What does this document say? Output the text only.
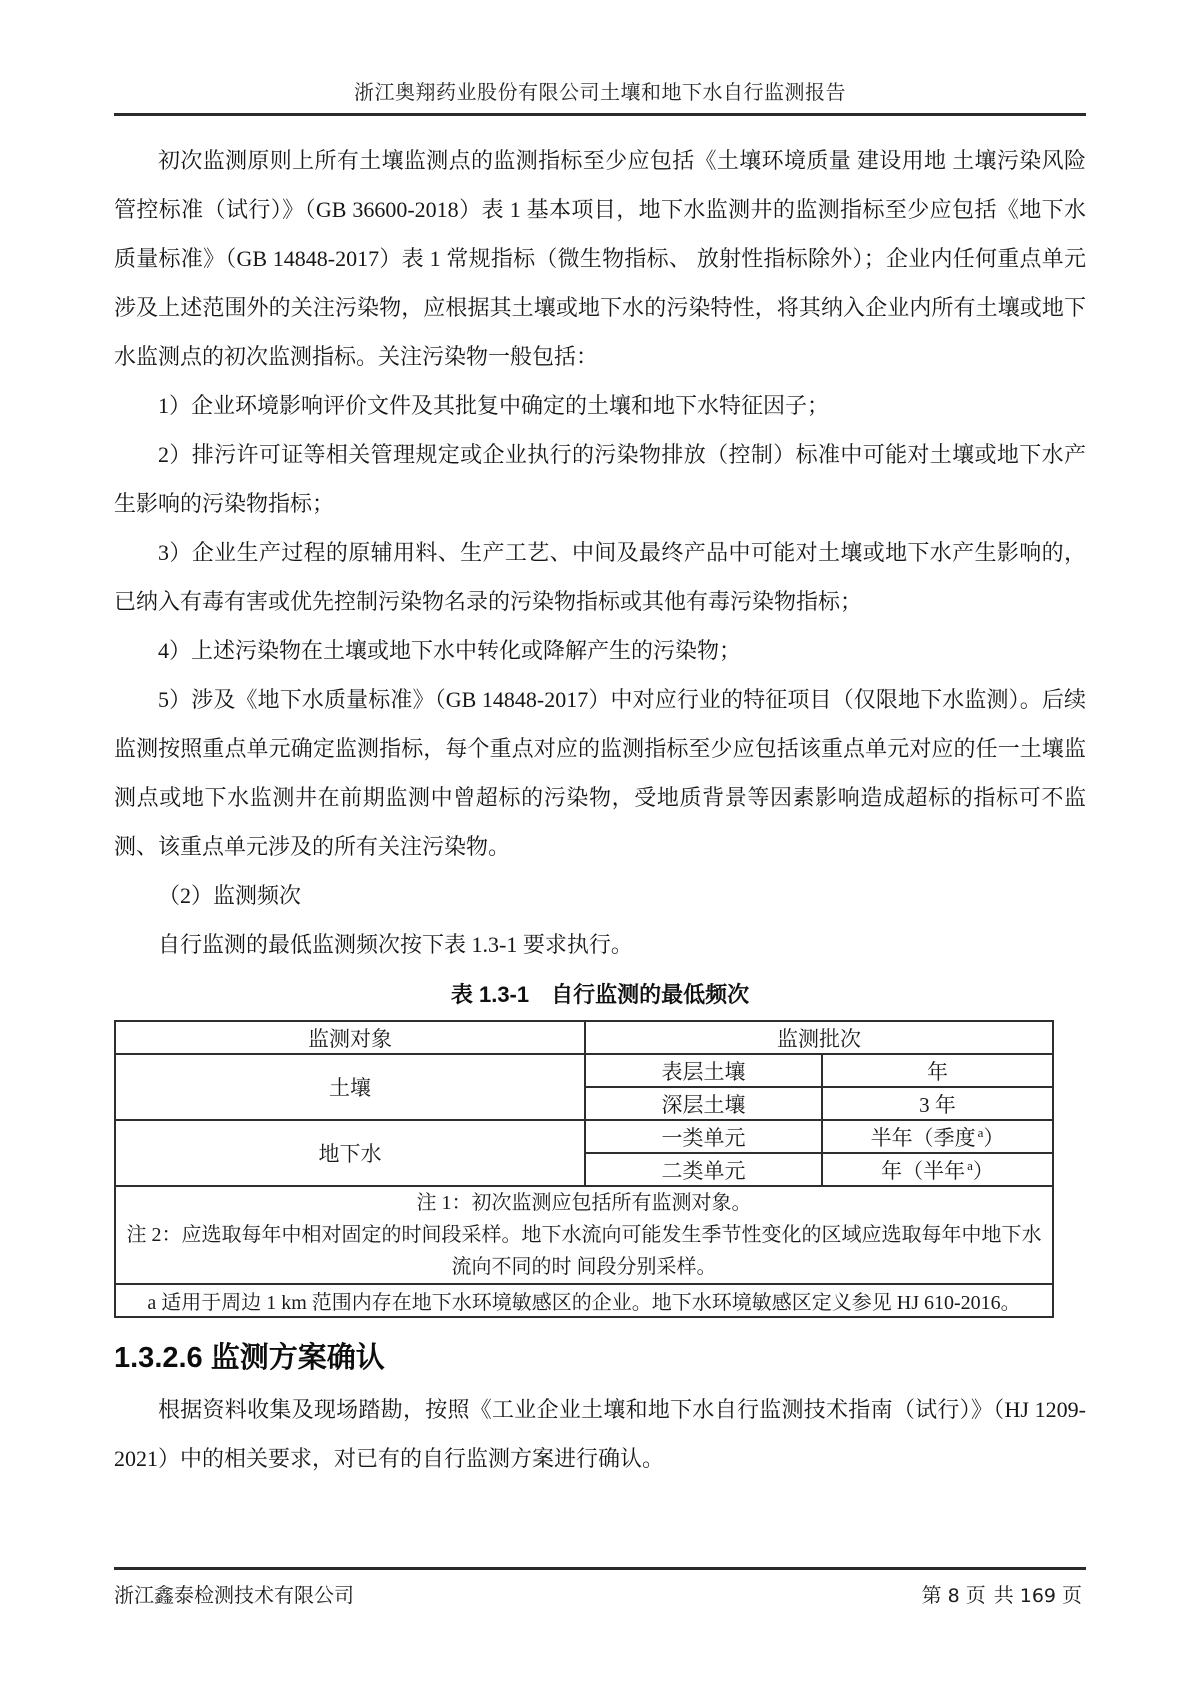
浙江奥翔药业股份有限公司土壤和地下水自行监测报告

初次监测原则上所有土壤监测点的监测指标至少应包括《土壤环境质量 建设用地 土壤污染风险管控标准（试行）》（GB 36600-2018）表 1 基本项目，地下水监测井的监测指标至少应包括《地下水质量标准》（GB 14848-2017）表 1 常规指标（微生物指标、 放射性指标除外）；企业内任何重点单元涉及上述范围外的关注污染物，应根据其土壤或地下水的污染特性，将其纳入企业内所有土壤或地下水监测点的初次监测指标。关注污染物一般包括：

1）企业环境影响评价文件及其批复中确定的土壤和地下水特征因子；

2）排污许可证等相关管理规定或企业执行的污染物排放（控制）标准中可能对土壤或地下水产生影响的污染物指标；

3）企业生产过程的原辅用料、生产工艺、中间及最终产品中可能对土壤或地下水产生影响的，已纳入有毒有害或优先控制污染物名录的污染物指标或其他有毒污染物指标；

4）上述污染物在土壤或地下水中转化或降解产生的污染物；

5）涉及《地下水质量标准》（GB 14848-2017）中对应行业的特征项目（仅限地下水监测）。后续监测按照重点单元确定监测指标，每个重点对应的监测指标至少应包括该重点单元对应的任一土壤监测点或地下水监测井在前期监测中曾超标的污染物，受地质背景等因素影响造成超标的指标可不监测、该重点单元涉及的所有关注污染物。

（2）监测频次

自行监测的最低监测频次按下表 1.3-1 要求执行。

表 1.3-1　自行监测的最低频次
监测对象	监测批次	
土壤	表层土壤	年
	深层土壤	3 年
地下水	一类单元	半年（季度 $^a$）
	二类单元	年（半年 $^a$）

注 1：初次监测应包括所有监测对象。
注 2：应选取每年中相对固定的时间段采样。地下水流向可能发生季节性变化的区域应选取每年中地下水流向不同的时 间段分别采样。		

a 适用于周边 1 km 范围内存在地下水环境敏感区的企业。地下水环境敏感区定义参见 HJ 610-2016。		
1.3.2.6 监测方案确认

根据资料收集及现场踏勘，按照《工业企业土壤和地下水自行监测技术指南（试行）》（HJ 1209-2021）中的相关要求，对已有的自行监测方案进行确认。

浙江鑫泰检测技术有限公司	第 8 页 共 169 页
